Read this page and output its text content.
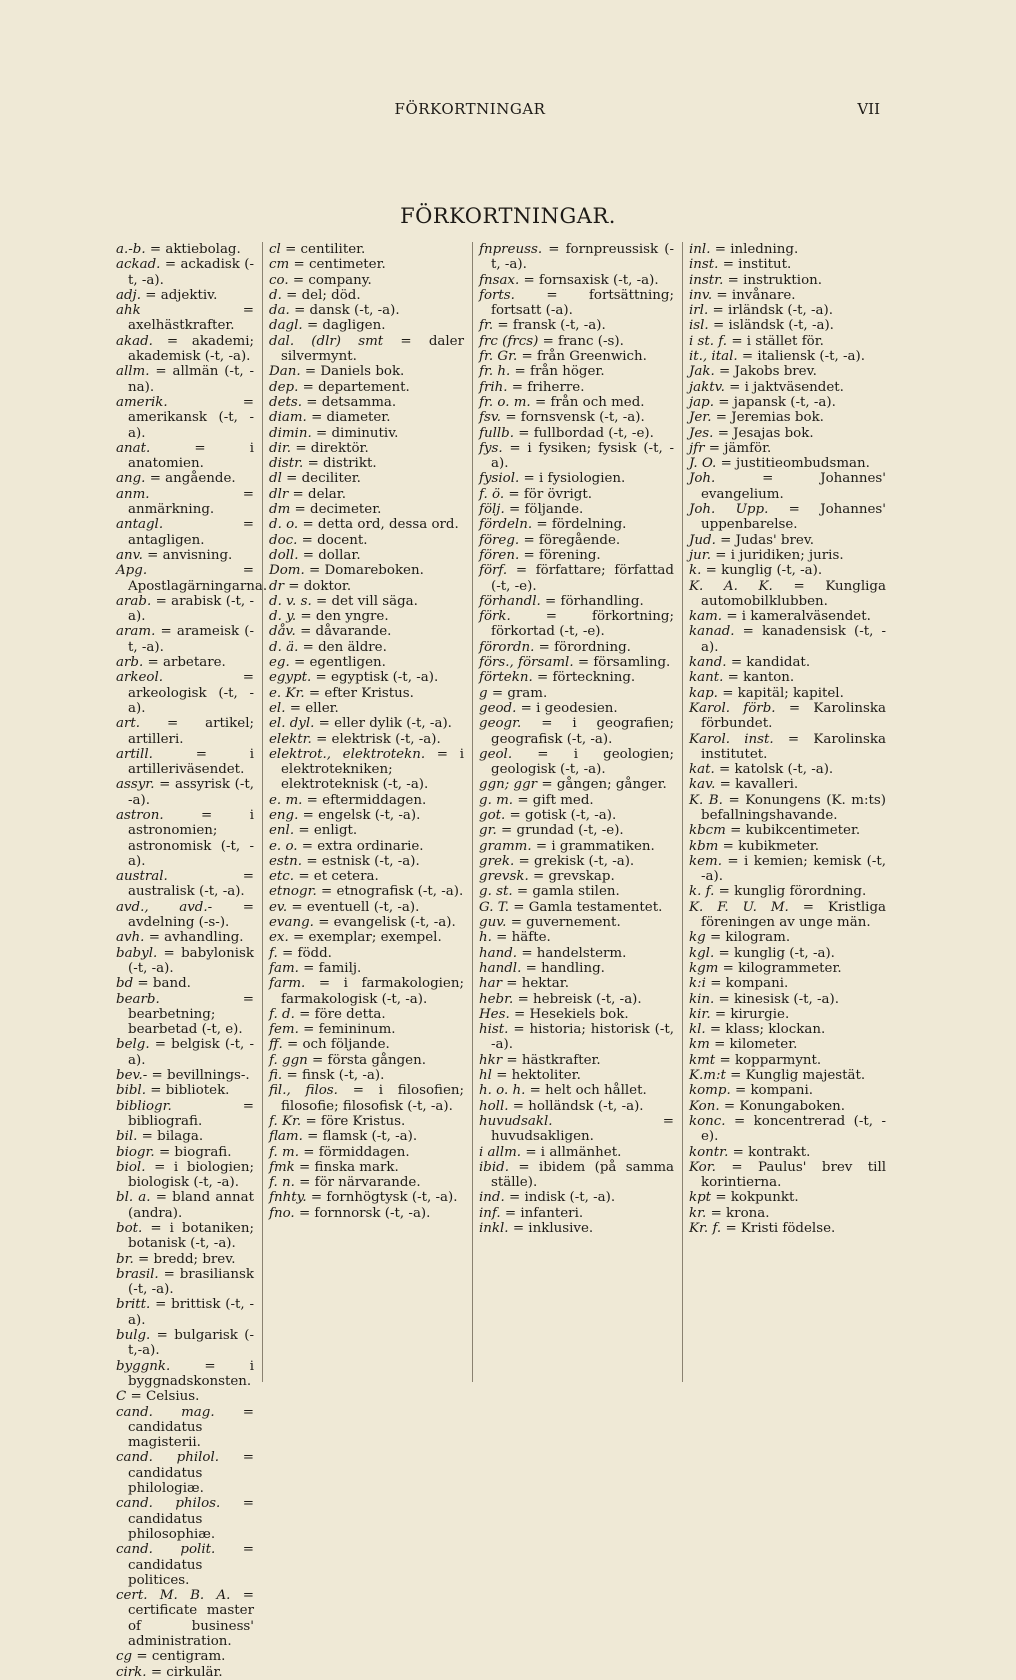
FÖRKORTNINGAR	VII
FÖRKORTNINGAR.

a.-b. = aktiebolag.

ackad. = ackadisk (-t, -a).

adj. = adjektiv.

ahk	= axelhästkrafter.

akad. = akademi; akademisk (-t, -a).

allm. = allmän (-t, -na).

amerik.	= amerikansk (-t, -a).

anat.	= i anatomien.

ang. = angående.

anm.	= anmärkning.

antagl.	= antagligen.

anv. = anvisning.

Apg.	= Apostlagärningarna.

arab. = arabisk (-t, -a).

aram. = arameisk (-t, -a).

arb. = arbetare.

arkeol.	= arkeologisk (-t, -a).

art. = artikel; artilleri.

artill.	= i artilleriväsendet.

assyr. = assyrisk (-t, -a).

astron.	= i astronomien; astronomisk (-t, -a).

austral.	= australisk (-t, -a).

avd., avd.- = avdelning (-s-).

avh. = avhandling.

babyl. = babylonisk (-t, -a).

bd = band.

bearb.	= bearbetning; bearbetad (-t, e).

belg. = belgisk (-t, -a).

bev.- = bevillnings-.

bibl. = bibliotek.

bibliogr.	= bibliografi.

bil. = bilaga.

biogr. = biografi.

biol. = i biologien; biologisk (-t, -a).

bl. a. = bland annat (andra).

bot. = i botaniken; botanisk (-t, -a).

br. = bredd; brev.

brasil. = brasiliansk (-t, -a).

britt. = brittisk (-t, -a).

bulg. = bulgarisk (-t,-a).

byggnk.	= i byggnadskonsten.

C = Celsius.

cand. mag. = candidatus magisterii.

cand. philol. = candidatus philologiæ.

cand. philos. = candidatus philosophiæ.

cand. polit. = candidatus politices.

cert. M. B. A. = certificate master of business' administration.

cg = centigram.

cirk. = cirkulär.

cl = centiliter.

cm = centimeter.

co. = company.

d. = del; död.

da. = dansk (-t, -a).

dagl. = dagligen.

dal. (dlr) smt = daler silvermynt.

Dan. = Daniels bok.

dep. = departement.

dets. = detsamma.

diam. = diameter.

dimin. = diminutiv.

dir. = direktör.

distr. = distrikt.

dl = deciliter.

dlr = delar.

dm = decimeter.

d. o. = detta ord, dessa ord.

doc. = docent.

doll. = dollar.

Dom. = Domareboken.

dr = doktor.

d. v. s. = det vill säga.

d. y. = den yngre.

dåv. = dåvarande.

d. ä. = den äldre.

eg. = egentligen.

egypt. = egyptisk (-t, -a).

e. Kr. = efter Kristus.

el. = eller.

el. dyl. = eller dylik (-t, -a).

elektr. = elektrisk (-t, -a).

elektrot., elektrotekn. = i elektrotekniken; elektroteknisk (-t, -a).

e. m. = eftermiddagen.

eng. = engelsk (-t, -a).

enl. = enligt.

e. o. = extra ordinarie.

estn. = estnisk (-t, -a).

etc. = et cetera.

etnogr. = etnografisk (-t, -a).

ev. = eventuell (-t, -a).

evang. = evangelisk (-t, -a).

ex. = exemplar; exempel.

f. = född.

fam. = familj.

farm. = i farmakologien; farmakologisk (-t, -a).

f. d. = före detta.

fem. = femininum.

ff. = och följande.

f. ggn = första gången.

fi. = finsk (-t, -a).

fil., filos. = i filosofien; filosofie; filosofisk (-t, -a).

f. Kr. = före Kristus.

flam. = flamsk (-t, -a).

f. m. = förmiddagen.

fmk = finska mark.

f. n. = för närvarande.

fnhty. = fornhögtysk (-t, -a).

fno. = fornnorsk (-t, -a).

fnpreuss. = fornpreussisk (-t, -a).

fnsax. = fornsaxisk (-t, -a).

forts. = fortsättning; fortsatt (-a).

fr. = fransk (-t, -a).

frc (frcs) = franc (-s).

fr. Gr. = från Greenwich.

fr. h. = från höger.

frih. = friherre.

fr. o. m. = från och med.

fsv. = fornsvensk (-t, -a).

fullb. = fullbordad (-t, -e).

fys. = i fysiken; fysisk (-t, -a).

fysiol. = i fysiologien.

f. ö. = för övrigt.

följ. = följande.

fördeln. = fördelning.

föreg. = föregående.

fören. = förening.

förf. = författare; författad (-t, -e).

förhandl. = förhandling.

förk.	= förkortning; förkortad (-t, -e).

förordn. = förordning.

förs., församl. = församling.

förtekn. = förteckning.

g = gram.

geod. = i geodesien.

geogr. = i geografien; geografisk (-t, -a).

geol. = i geologien; geologisk (-t, -a).

ggn; ggr = gången; gånger.

g. m. = gift med.

got. = gotisk (-t, -a).

gr. = grundad (-t, -e).

gramm. = i grammatiken.

grek. = grekisk (-t, -a).

grevsk. = grevskap.

g. st. = gamla stilen.

G. T. = Gamla testamentet.

guv. = guvernement.

h. = häfte.

hand. = handelsterm.

handl. = handling.

har = hektar.

hebr. = hebreisk (-t, -a).

Hes. = Hesekiels bok.

hist. = historia; historisk (-t, -a).

hkr = hästkrafter.

hl = hektoliter.

h. o. h. = helt och hållet.

holl. = holländsk (-t, -a).

huvudsakl.	= huvudsakligen.

i allm. = i allmänhet.

ibid. = ibidem (på samma ställe).

ind. = indisk (-t, -a).

inf. = infanteri.

inkl. = inklusive.

inl. = inledning.

inst. = institut.

instr. = instruktion.

inv. = invånare.

irl. = irländsk (-t, -a).

isl. = isländsk (-t, -a).

i st. f. = i stället för.

it., ital. = italiensk (-t, -a).

Jak. = Jakobs brev.

jaktv. = i jaktväsendet.

jap. = japansk (-t, -a).

Jer. = Jeremias bok.

Jes. = Jesajas bok.

jfr = jämför.

J. O. = justitieombudsman.

Joh.	= Johannes' evangelium.

Joh. Upp. = Johannes' uppenbarelse.

Jud. = Judas' brev.

jur. = i juridiken; juris.

k. = kunglig (-t, -a).

K. A. K. = Kungliga automobilklubben.

kam. = i kameralväsendet.

kanad. = kanadensisk (-t, -a).

kand. = kandidat.

kant. = kanton.

kap. = kapitäl; kapitel.

Karol. förb. = Karolinska förbundet.

Karol. inst. = Karolinska institutet.

kat. = katolsk (-t, -a).

kav. = kavalleri.

K. B. = Konungens (K. m:ts) befallningshavande.

kbcm = kubikcentimeter.

kbm = kubikmeter.

kem. = i kemien; kemisk (-t, -a).

k. f. = kunglig förordning.

K. F. U. M. = Kristliga föreningen av unge män.

kg = kilogram.

kgl. = kunglig (-t, -a).

kgm = kilogrammeter.

k:i = kompani.

kin. = kinesisk (-t, -a).

kir. = kirurgie.

kl. = klass; klockan.

km = kilometer.

kmt = kopparmynt.

K.m:t = Kunglig majestät.

komp. = kompani.

Kon. = Konungaboken.

konc. = koncentrerad (-t, -e).

kontr. = kontrakt.

Kor. = Paulus' brev till korintierna.

kpt = kokpunkt.

kr. = krona.

Kr. f. = Kristi födelse.
